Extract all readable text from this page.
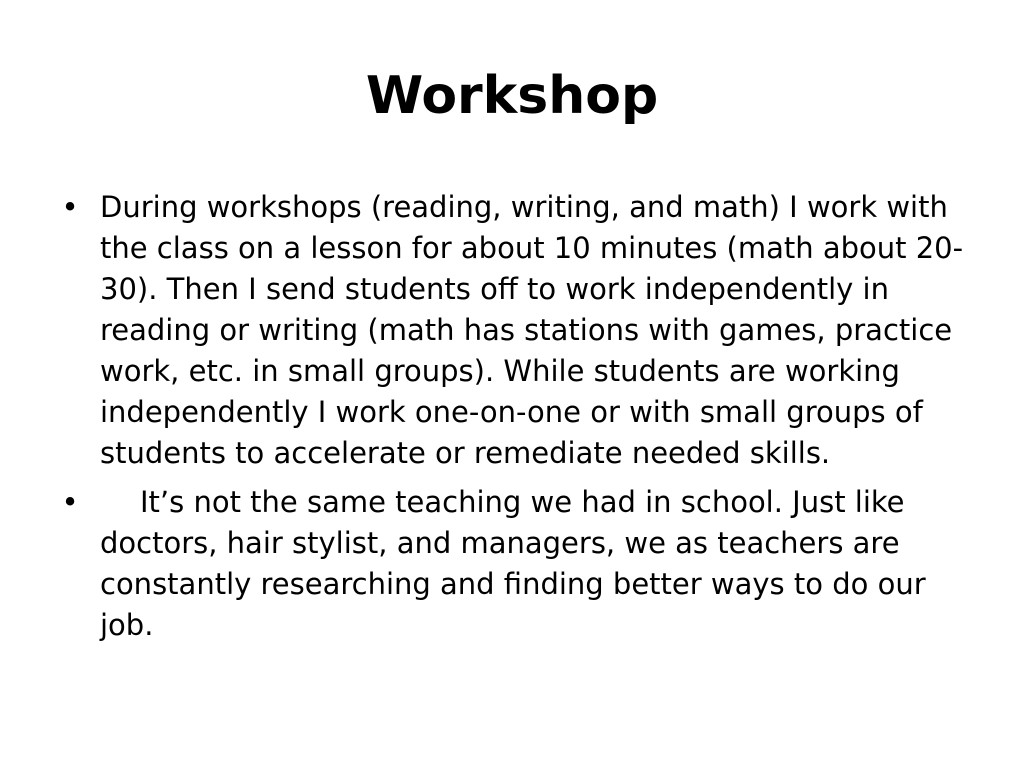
Workshop
• During workshops (reading, writing, and math) I work with the class on a lesson for about 10 minutes (math about 20-30). Then I send students off to work independently in reading or writing (math has stations with games, practice work, etc. in small groups). While students are working independently I work one-on-one or with small groups of students to accelerate or remediate needed skills.
•	It’s not the same teaching we had in school. Just like doctors, hair stylist, and managers, we as teachers are constantly researching and finding better ways to do our job.
